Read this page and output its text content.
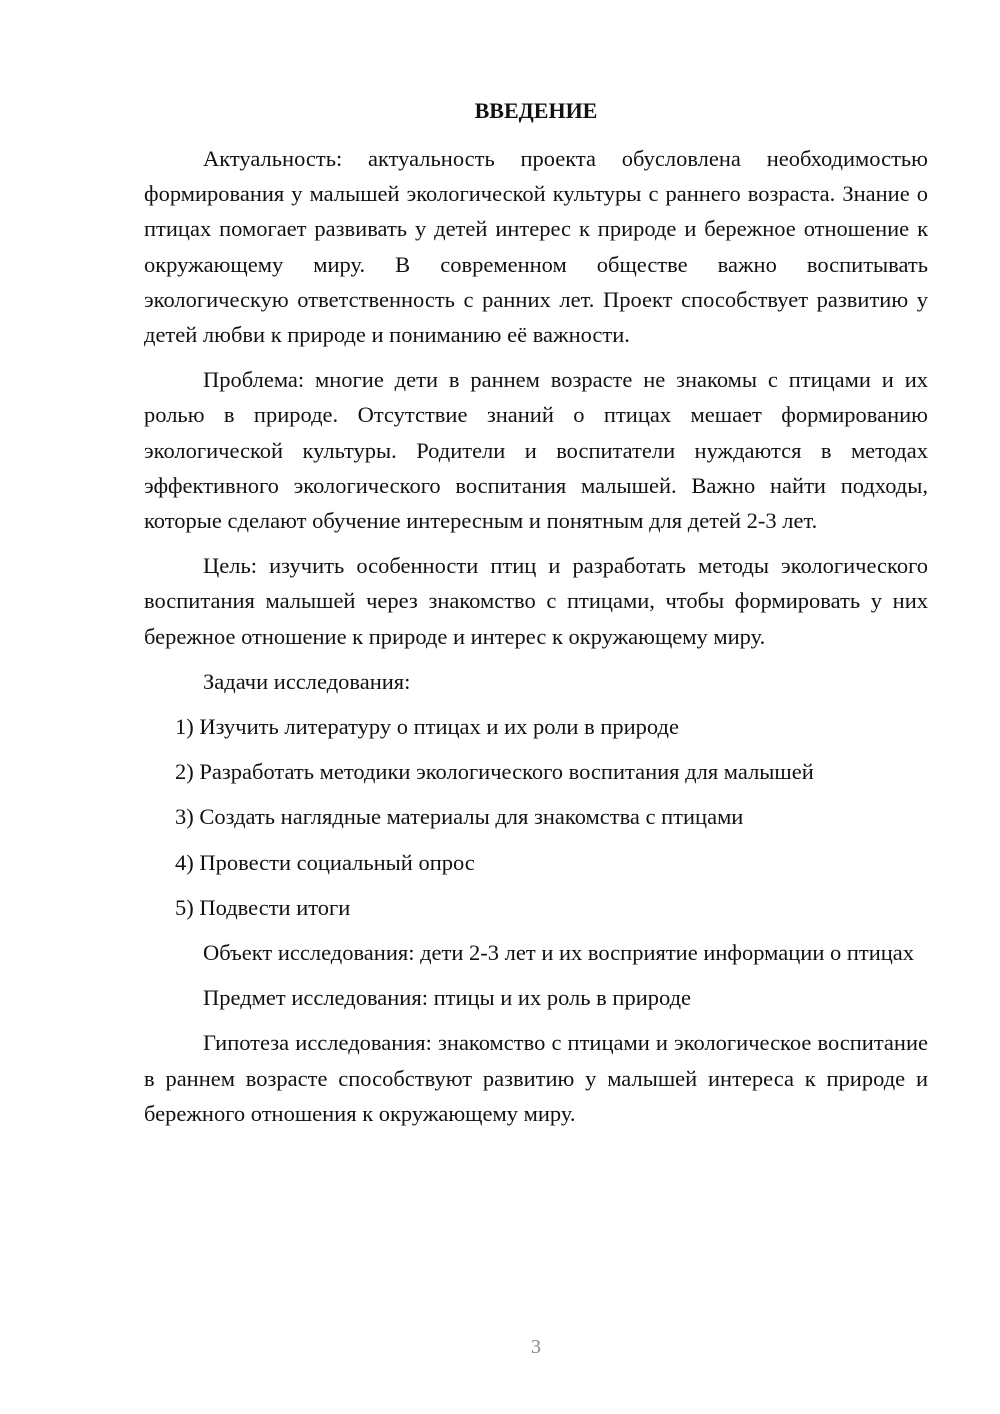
ВВЕДЕНИЕ

Актуальность: актуальность проекта обусловлена необходимостью формирования у малышей экологической культуры с раннего возраста. Знание о птицах помогает развивать у детей интерес к природе и бережное отношение к окружающему миру. В современном обществе важно воспитывать экологическую ответственность с ранних лет. Проект способствует развитию у детей любви к природе и пониманию её важности.

Проблема: многие дети в раннем возрасте не знакомы с птицами и их ролью в природе. Отсутствие знаний о птицах мешает формированию экологической культуры. Родители и воспитатели нуждаются в методах эффективного экологического воспитания малышей. Важно найти подходы, которые сделают обучение интересным и понятным для детей 2-3 лет.

Цель: изучить особенности птиц и разработать методы экологического воспитания малышей через знакомство с птицами, чтобы формировать у них бережное отношение к природе и интерес к окружающему миру.

Задачи исследования:

1) Изучить литературу о птицах и их роли в природе
2) Разработать методики экологического воспитания для малышей
3) Создать наглядные материалы для знакомства с птицами
4) Провести социальный опрос
5) Подвести итоги

Объект исследования: дети 2-3 лет и их восприятие информации о птицах

Предмет исследования: птицы и их роль в природе

Гипотеза исследования: знакомство с птицами и экологическое воспитание в раннем возрасте способствуют развитию у малышей интереса к природе и бережного отношения к окружающему миру.

3
